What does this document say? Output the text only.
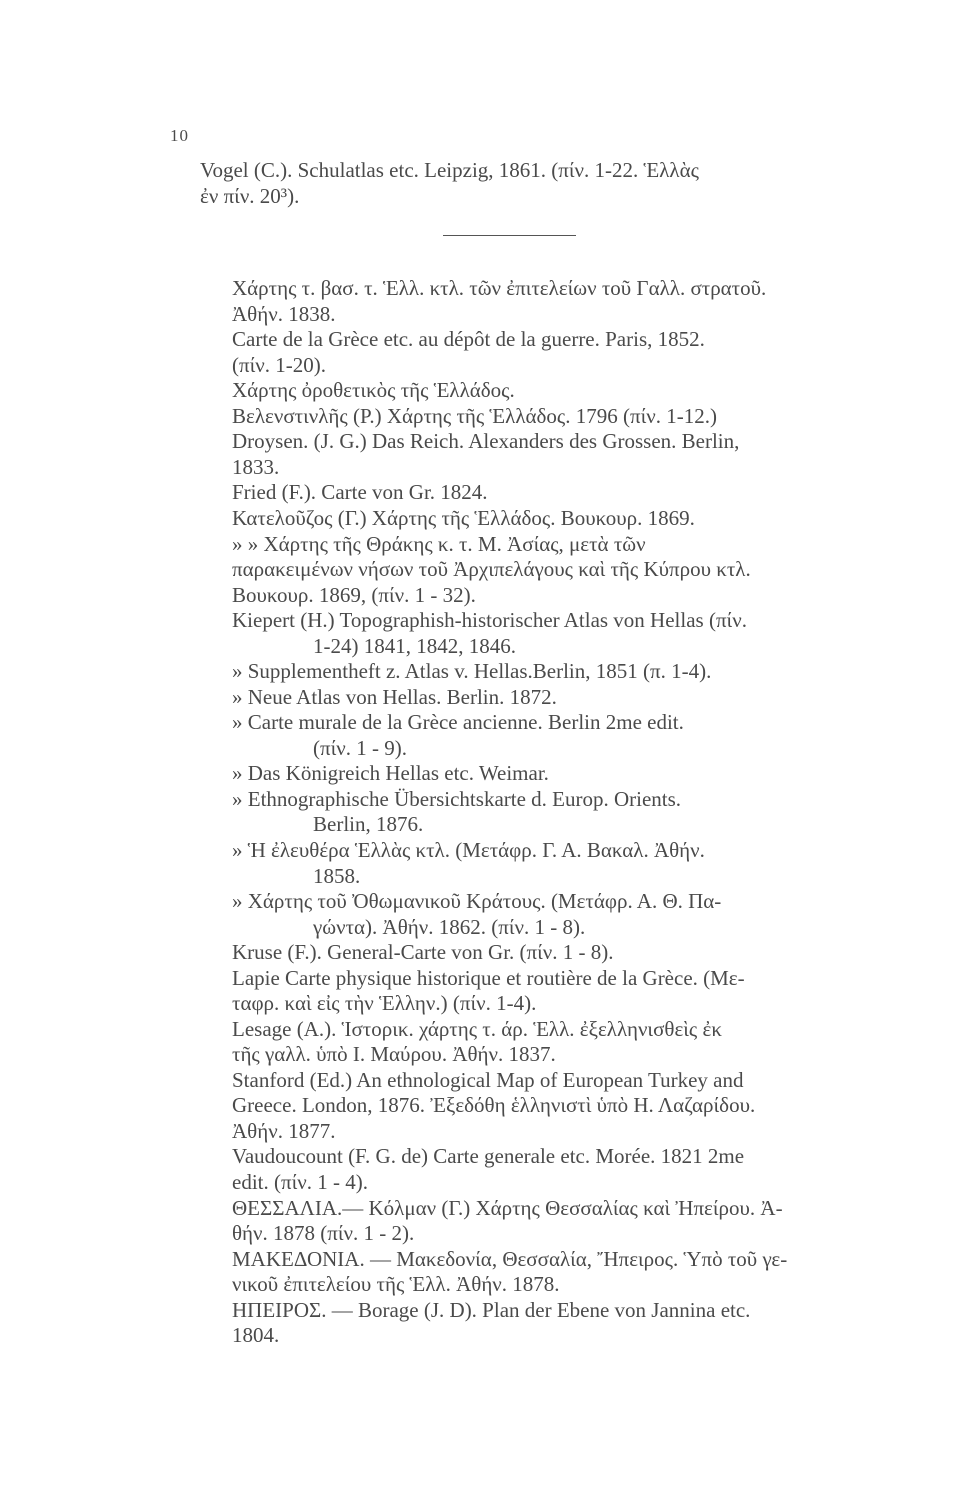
10
Vogel (C.). Schulatlas etc. Leipzig, 1861. (πίν. 1-22. Ἑλλὰς
ἐν πίν. 20³).
Χάρτης τ. βασ. τ. Ἑλλ. κτλ. τῶν ἐπιτελείων τοῦ Γαλλ. στρατοῦ.
Ἀθήν. 1838.
Carte de la Grèce etc. au dépôt de la guerre. Paris, 1852.
(πίν. 1-20).
Χάρτης ὀροθετικὸς τῆς Ἑλλάδος.
Βελενστινλῆς (Ρ.) Χάρτης τῆς Ἑλλάδος. 1796 (πίν. 1-12.)
Droysen. (J. G.) Das Reich. Alexanders des Grossen. Berlin,
1833.
Fried (F.). Carte von Gr. 1824.
Κατελοῦζος (Γ.) Χάρτης τῆς Ἑλλάδος. Βουκουρ. 1869.
» » Χάρτης τῆς Θράκης κ. τ. Μ. Ἀσίας, μετὰ τῶν
παρακειμένων νήσων τοῦ Ἀρχιπελάγους καὶ τῆς Κύπρου κτλ.
Βουκουρ. 1869, (πίν. 1 - 32).
Kiepert (H.) Topographish-historischer Atlas von Hellas (πίν.
1-24) 1841, 1842, 1846.
» Supplementheft z. Atlas v. Hellas.Berlin, 1851 (π. 1-4).
» Neue Atlas von Hellas. Berlin. 1872.
» Carte murale de la Grèce ancienne. Berlin 2me edit.
(πίν. 1 - 9).
» Das Königreich Hellas etc. Weimar.
» Ethnographische Übersichtskarte d. Europ. Orients.
Berlin, 1876.
» Ἡ ἐλευθέρα Ἑλλὰς κτλ. (Μετάφρ. Γ. Α. Βακαλ. Ἀθήν.
1858.
» Χάρτης τοῦ Ὀθωμανικοῦ Κράτους. (Μετάφρ. Α. Θ. Πα-
γώντα). Ἀθήν. 1862. (πίν. 1 - 8).
Kruse (F.). General-Carte von Gr. (πίν. 1 - 8).
Lapie Carte physique historique et routière de la Grèce. (Με-
ταφρ. καὶ εἰς τὴν Ἑλλην.) (πίν. 1-4).
Lesage (A.). Ἱστορικ. χάρτης τ. άρ. Ἑλλ. ἐξελληνισθεὶς ἐκ
τῆς γαλλ. ὑπὸ Ι. Μαύρου. Ἀθήν. 1837.
Stanford (Ed.) An ethnological Map of European Turkey and
Greece. London, 1876. Ἐξεδόθη ἑλληνιστὶ ὑπὸ Η. Λαζαρίδου.
Ἀθήν. 1877.
Vaudoucount (F. G. de) Carte generale etc. Morée. 1821 2me
edit. (πίν. 1 - 4).
ΘΕΣΣΑΛΙΑ.— Κόλμαν (Γ.) Χάρτης Θεσσαλίας καὶ Ἠπείρου. Ἀ-
θήν. 1878 (πίν. 1 - 2).
ΜΑΚΕΔΟΝΙΑ. — Μακεδονία, Θεσσαλία, Ἤπειρος. Ὑπὸ τοῦ γε-
νικοῦ ἐπιτελείου τῆς Ἑλλ. Ἀθήν. 1878.
ΗΠΕΙΡΟΣ. — Borage (J. D). Plan der Ebene von Jannina etc.
1804.
